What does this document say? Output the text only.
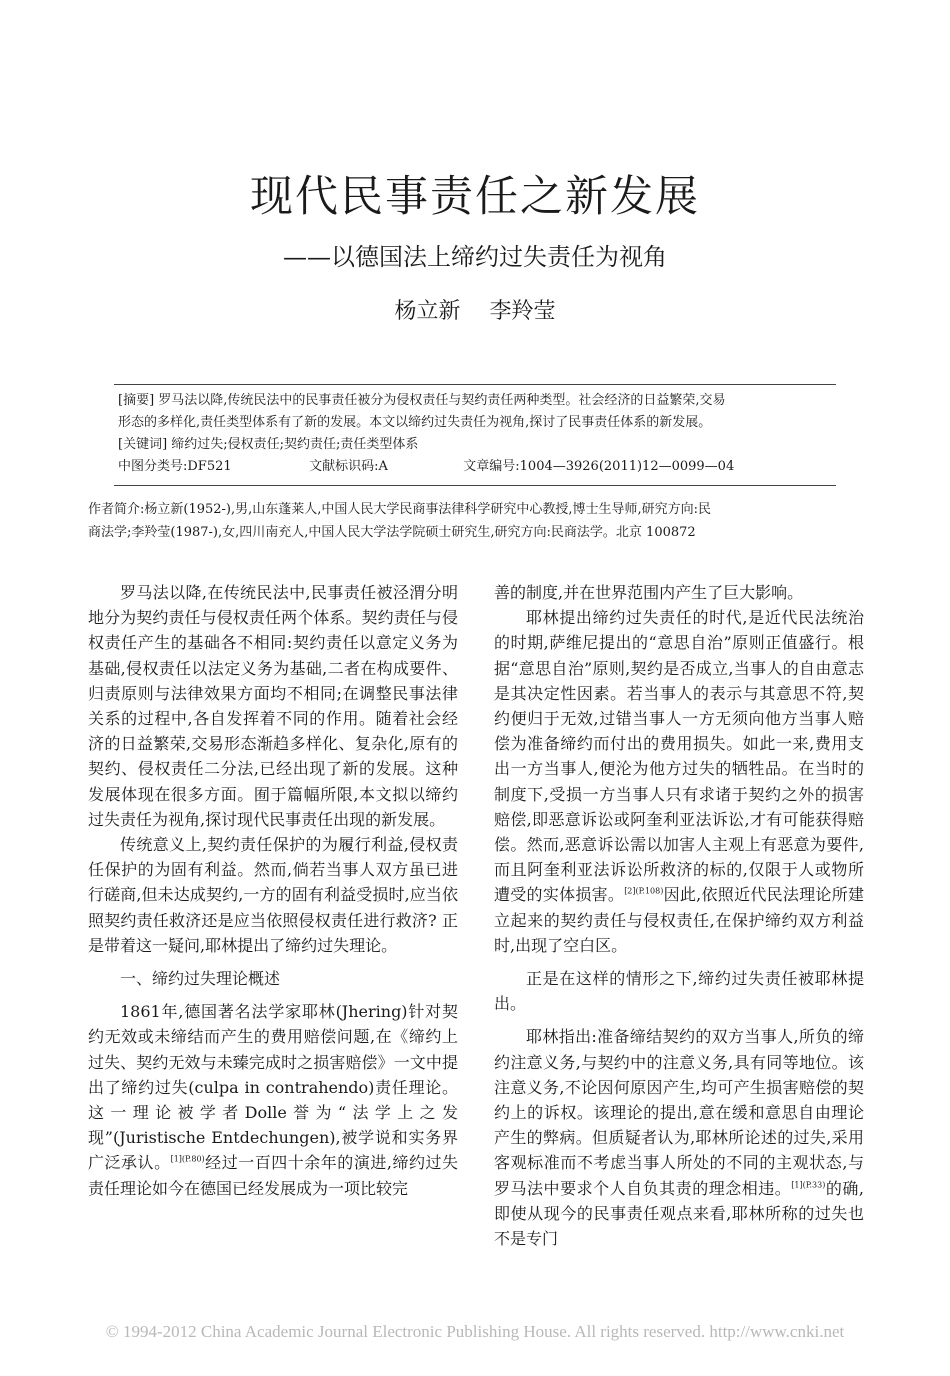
现代民事责任之新发展
——以德国法上缔约过失责任为视角
杨立新 李羚莹
[摘要] 罗马法以降,传统民法中的民事责任被分为侵权责任与契约责任两种类型。社会经济的日益繁荣,交易
形态的多样化,责任类型体系有了新的发展。本文以缔约过失责任为视角,探讨了民事责任体系的新发展。
[关键词] 缔约过失;侵权责任;契约责任;责任类型体系
中图分类号:DF521	文献标识码:A	文章编号:1004—3926(2011)12—0099—04
作者简介:杨立新(1952-),男,山东蓬莱人,中国人民大学民商事法律科学研究中心教授,博士生导师,研究方向:民
商法学;李羚莹(1987-),女,四川南充人,中国人民大学法学院硕士研究生,研究方向:民商法学。北京 100872

罗马法以降,在传统民法中,民事责任被泾渭分明地分为契约责任与侵权责任两个体系。契约责任与侵权责任产生的基础各不相同:契约责任以意定义务为基础,侵权责任以法定义务为基础,二者在构成要件、归责原则与法律效果方面均不相同;在调整民事法律关系的过程中,各自发挥着不同的作用。随着社会经济的日益繁荣,交易形态渐趋多样化、复杂化,原有的契约、侵权责任二分法,已经出现了新的发展。这种发展体现在很多方面。囿于篇幅所限,本文拟以缔约过失责任为视角,探讨现代民事责任出现的新发展。

传统意义上,契约责任保护的为履行利益,侵权责任保护的为固有利益。然而,倘若当事人双方虽已进行磋商,但未达成契约,一方的固有利益受损时,应当依照契约责任救济还是应当依照侵权责任进行救济? 正是带着这一疑问,耶林提出了缔约过失理论。

一、缔约过失理论概述

1861年,德国著名法学家耶林(Jhering)针对契约无效或未缔结而产生的费用赔偿问题,在《缔约上过失、契约无效与未臻完成时之损害赔偿》一文中提出了缔约过失(culpa in contrahendo)责任理论。这一理论被学者Dolle誉为“法学上之发现”(Juristische Entdechungen),被学说和实务界广泛承认。$^{[1](P.80)}$经过一百四十余年的演进,缔约过失责任理论如今在德国已经发展成为一项比较完

善的制度,并在世界范围内产生了巨大影响。

耶林提出缔约过失责任的时代,是近代民法统治的时期,萨维尼提出的“意思自治”原则正值盛行。根据“意思自治”原则,契约是否成立,当事人的自由意志是其决定性因素。若当事人的表示与其意思不符,契约便归于无效,过错当事人一方无须向他方当事人赔偿为准备缔约而付出的费用损失。如此一来,费用支出一方当事人,便沦为他方过失的牺牲品。在当时的制度下,受损一方当事人只有求诸于契约之外的损害赔偿,即恶意诉讼或阿奎利亚法诉讼,才有可能获得赔偿。然而,恶意诉讼需以加害人主观上有恶意为要件,而且阿奎利亚法诉讼所救济的标的,仅限于人或物所遭受的实体损害。$^{[2](P.108)}$因此,依照近代民法理论所建立起来的契约责任与侵权责任,在保护缔约双方利益时,出现了空白区。

正是在这样的情形之下,缔约过失责任被耶林提出。

耶林指出:准备缔结契约的双方当事人,所负的缔约注意义务,与契约中的注意义务,具有同等地位。该注意义务,不论因何原因产生,均可产生损害赔偿的契约上的诉权。该理论的提出,意在缓和意思自由理论产生的弊病。但质疑者认为,耶林所论述的过失,采用客观标准而不考虑当事人所处的不同的主观状态,与罗马法中要求个人自负其责的理念相违。$^{[1](P.33)}$的确,即使从现今的民事责任观点来看,耶林所称的过失也不是专门

© 1994-2012 China Academic Journal Electronic Publishing House. All rights reserved. http://www.cnki.net
